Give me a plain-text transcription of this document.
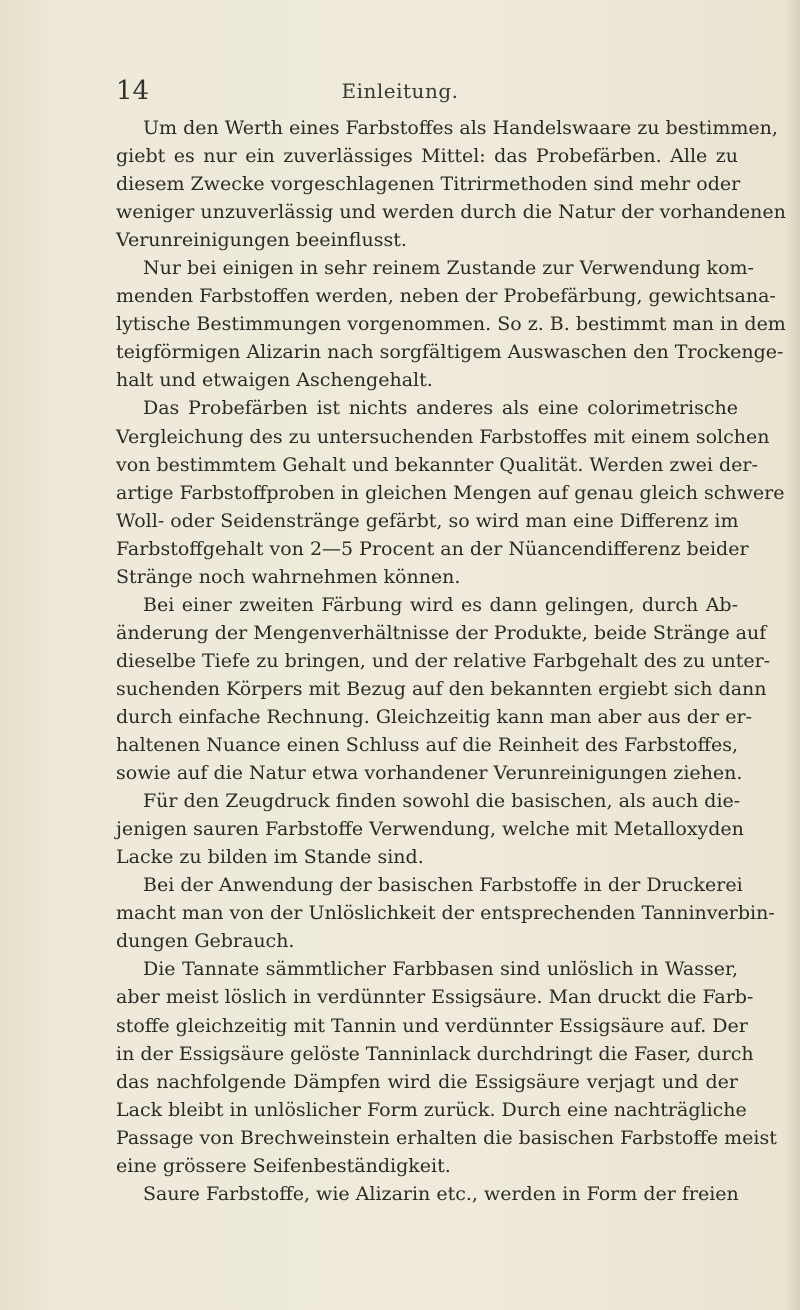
14	Einleitung.
Um den Werth eines Farbstoffes als Handelswaare zu bestimmen,
giebt es nur ein zuverlässiges Mittel: das Probefärben. Alle zu
diesem Zwecke vorgeschlagenen Titrirmethoden sind mehr oder
weniger unzuverlässig und werden durch die Natur der vorhandenen
Verunreinigungen beeinflusst.
Nur bei einigen in sehr reinem Zustande zur Verwendung kom-
menden Farbstoffen werden, neben der Probefärbung, gewichtsana-
lytische Bestimmungen vorgenommen. So z. B. bestimmt man in dem
teigförmigen Alizarin nach sorgfältigem Auswaschen den Trockenge-
halt und etwaigen Aschengehalt.
Das Probefärben ist nichts anderes als eine colorimetrische
Vergleichung des zu untersuchenden Farbstoffes mit einem solchen
von bestimmtem Gehalt und bekannter Qualität. Werden zwei der-
artige Farbstoffproben in gleichen Mengen auf genau gleich schwere
Woll- oder Seidenstränge gefärbt, so wird man eine Differenz im
Farbstoffgehalt von 2—5 Procent an der Nüancendifferenz beider
Stränge noch wahrnehmen können.
Bei einer zweiten Färbung wird es dann gelingen, durch Ab-
änderung der Mengenverhältnisse der Produkte, beide Stränge auf
dieselbe Tiefe zu bringen, und der relative Farbgehalt des zu unter-
suchenden Körpers mit Bezug auf den bekannten ergiebt sich dann
durch einfache Rechnung. Gleichzeitig kann man aber aus der er-
haltenen Nuance einen Schluss auf die Reinheit des Farbstoffes,
sowie auf die Natur etwa vorhandener Verunreinigungen ziehen.
Für den Zeugdruck finden sowohl die basischen, als auch die-
jenigen sauren Farbstoffe Verwendung, welche mit Metalloxyden
Lacke zu bilden im Stande sind.
Bei der Anwendung der basischen Farbstoffe in der Druckerei
macht man von der Unlöslichkeit der entsprechenden Tanninverbin-
dungen Gebrauch.
Die Tannate sämmtlicher Farbbasen sind unlöslich in Wasser,
aber meist löslich in verdünnter Essigsäure. Man druckt die Farb-
stoffe gleichzeitig mit Tannin und verdünnter Essigsäure auf. Der
in der Essigsäure gelöste Tanninlack durchdringt die Faser, durch
das nachfolgende Dämpfen wird die Essigsäure verjagt und der
Lack bleibt in unlöslicher Form zurück. Durch eine nachträgliche
Passage von Brechweinstein erhalten die basischen Farbstoffe meist
eine grössere Seifenbeständigkeit.
Saure Farbstoffe, wie Alizarin etc., werden in Form der freien
